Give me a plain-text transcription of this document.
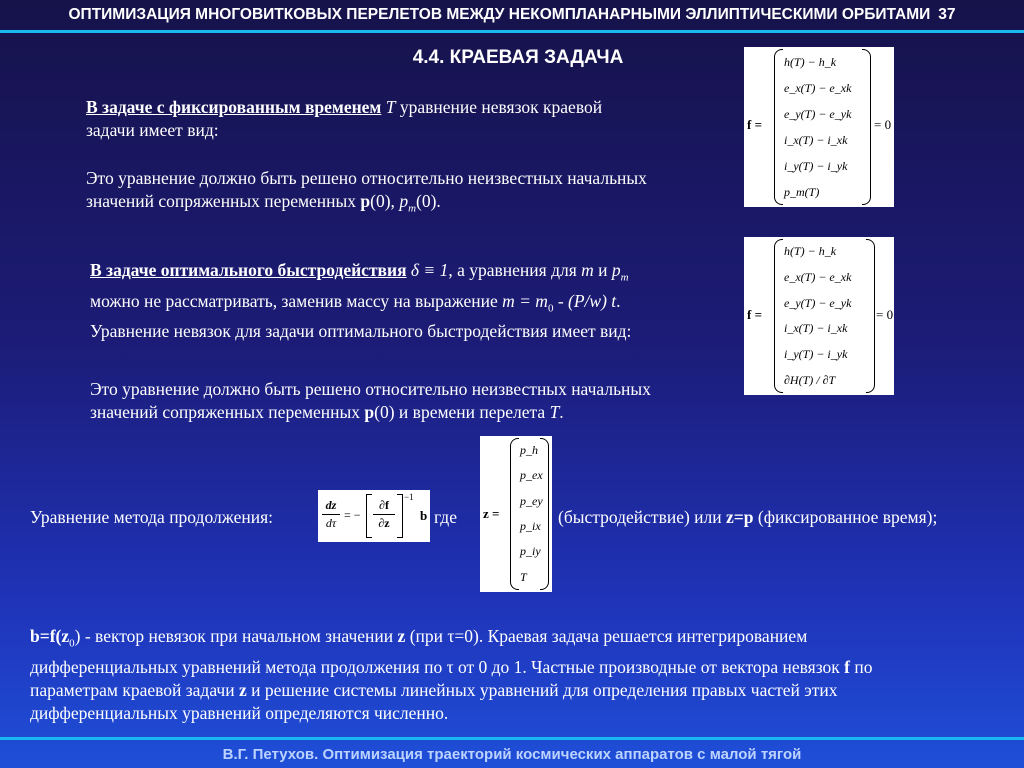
ОПТИМИЗАЦИЯ МНОГОВИТКОВЫХ ПЕРЕЛЕТОВ МЕЖДУ НЕКОМПЛАНАРНЫМИ ЭЛЛИПТИЧЕСКИМИ ОРБИТАМИ 37
4.4. КРАЕВАЯ ЗАДАЧА
В задаче с фиксированным временем T уравнение невязок краевой
задачи имеет вид:
Это уравнение должно быть решено относительно неизвестных начальных
значений сопряженных переменных p(0), $p_m(0)$.
f =
h(T) − h_k
e_x(T) − e_xk
e_y(T) − e_yk
i_x(T) − i_xk
i_y(T) − i_yk
p_m(T)
= 0
В задаче оптимального быстродействия δ ≡ 1, а уравнения для m и $p_m$
можно не рассматривать, заменив массу на выражение $m = m_0 - (P/w)$ t.
Уравнение невязок для задачи оптимального быстродействия имеет вид:
Это уравнение должно быть решено относительно неизвестных начальных
значений сопряженных переменных p(0) и времени перелета T.
f =
h(T) − h_k
e_x(T) − e_xk
e_y(T) − e_yk
i_x(T) − i_xk
i_y(T) − i_yk
∂H(T) / ∂T
= 0
Уравнение метода продолжения:
dz
dτ
= −
∂f
∂z
−1
b где z =
p_h
p_ex
p_ey
p_ix
p_iy
T
(быстродействие) или z=p (фиксированное время);
$b=f(z_0)$ - вектор невязок при начальном значении z (при τ=0). Краевая задача решается интегрированием
дифференциальных уравнений метода продолжения по τ от 0 до 1. Частные производные от вектора невязок f по
параметрам краевой задачи z и решение системы линейных уравнений для определения правых частей этих
дифференциальных уравнений определяются численно.
В.Г. Петухов. Оптимизация траекторий космических аппаратов с малой тягой
